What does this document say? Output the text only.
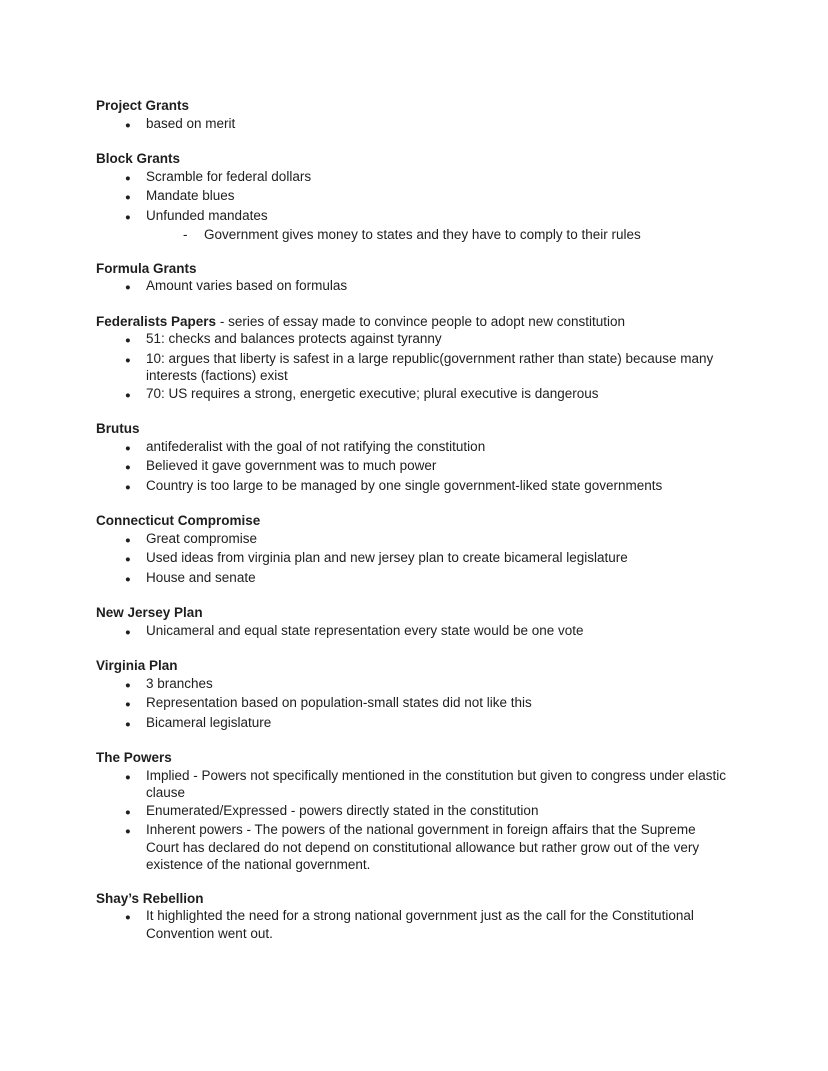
Project Grants
●	based on merit
Block Grants
●	Scramble for federal dollars
●	Mandate blues
●	Unfunded mandates
-	Government gives money to states and they have to comply to their rules
Formula Grants
●	Amount varies based on formulas
Federalists Papers - series of essay made to convince people to adopt new constitution
●	51: checks and balances protects against tyranny
●	10: argues that liberty is safest in a large republic(government rather than state) because many interests (factions) exist
●	70: US requires a strong, energetic executive; plural executive is dangerous
Brutus
●	antifederalist with the goal of not ratifying the constitution
●	Believed it gave government was to much power
●	Country is too large to be managed by one single government-liked state governments
Connecticut Compromise
●	Great compromise
●	Used ideas from virginia plan and new jersey plan to create bicameral legislature
●	House and senate
New Jersey Plan
●	Unicameral and equal state representation every state would be one vote
Virginia Plan
●	3 branches
●	Representation based on population-small states did not like this
●	Bicameral legislature
The Powers
●	Implied - Powers not specifically mentioned in the constitution but given to congress under elastic clause
●	Enumerated/Expressed - powers directly stated in the constitution
●	Inherent powers - The powers of the national government in foreign affairs that the Supreme Court has declared do not depend on constitutional allowance but rather grow out of the very existence of the national government.
Shay’s Rebellion
●	It highlighted the need for a strong national government just as the call for the Constitutional Convention went out.
